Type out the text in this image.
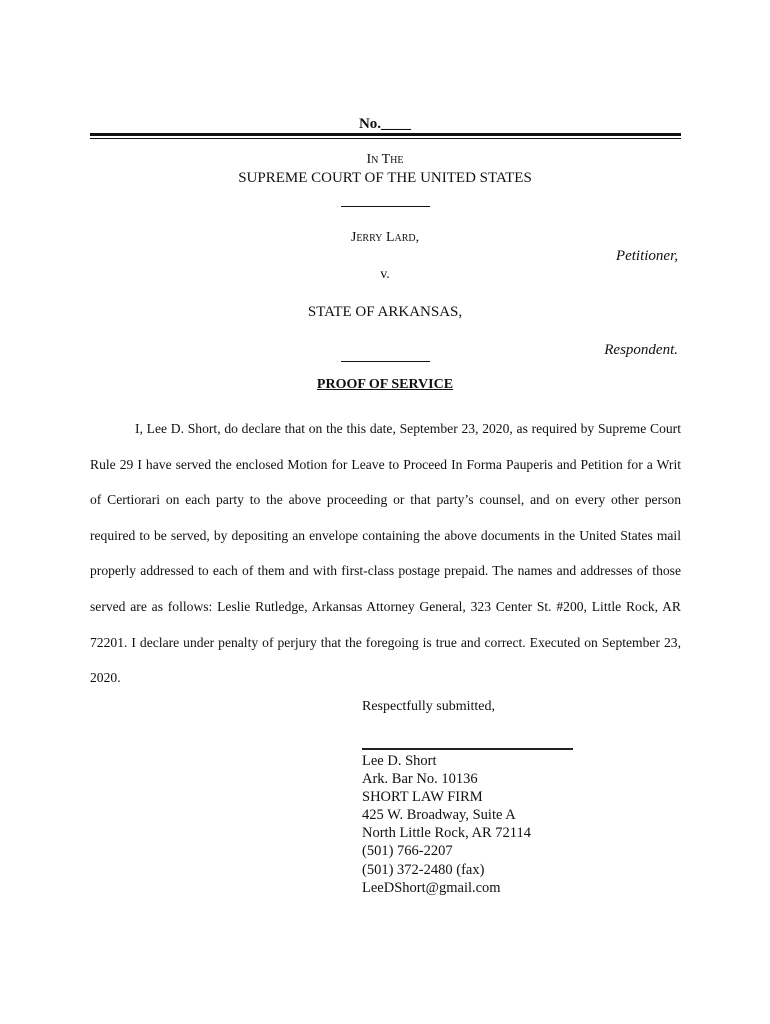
No.____
In The
SUPREME COURT OF THE UNITED STATES
Jerry Lard,
Petitioner,
v.
STATE OF ARKANSAS,
Respondent.
PROOF OF SERVICE

I, Lee D. Short, do declare that on the this date, September 23, 2020, as required by Supreme Court Rule 29 I have served the enclosed Motion for Leave to Proceed In Forma Pauperis and Petition for a Writ of Certiorari on each party to the above proceeding or that party’s counsel, and on every other person required to be served, by depositing an envelope containing the above documents in the United States mail properly addressed to each of them and with first-class postage prepaid. The names and addresses of those served are as follows: Leslie Rutledge, Arkansas Attorney General, 323 Center St. #200, Little Rock, AR 72201. I declare under penalty of perjury that the foregoing is true and correct. Executed on September 23, 2020.

Respectfully submitted,
Lee D. Short
Ark. Bar No. 10136
SHORT LAW FIRM
425 W. Broadway, Suite A
North Little Rock, AR 72114
(501) 766-2207
(501) 372-2480 (fax)
LeeDShort@gmail.com
